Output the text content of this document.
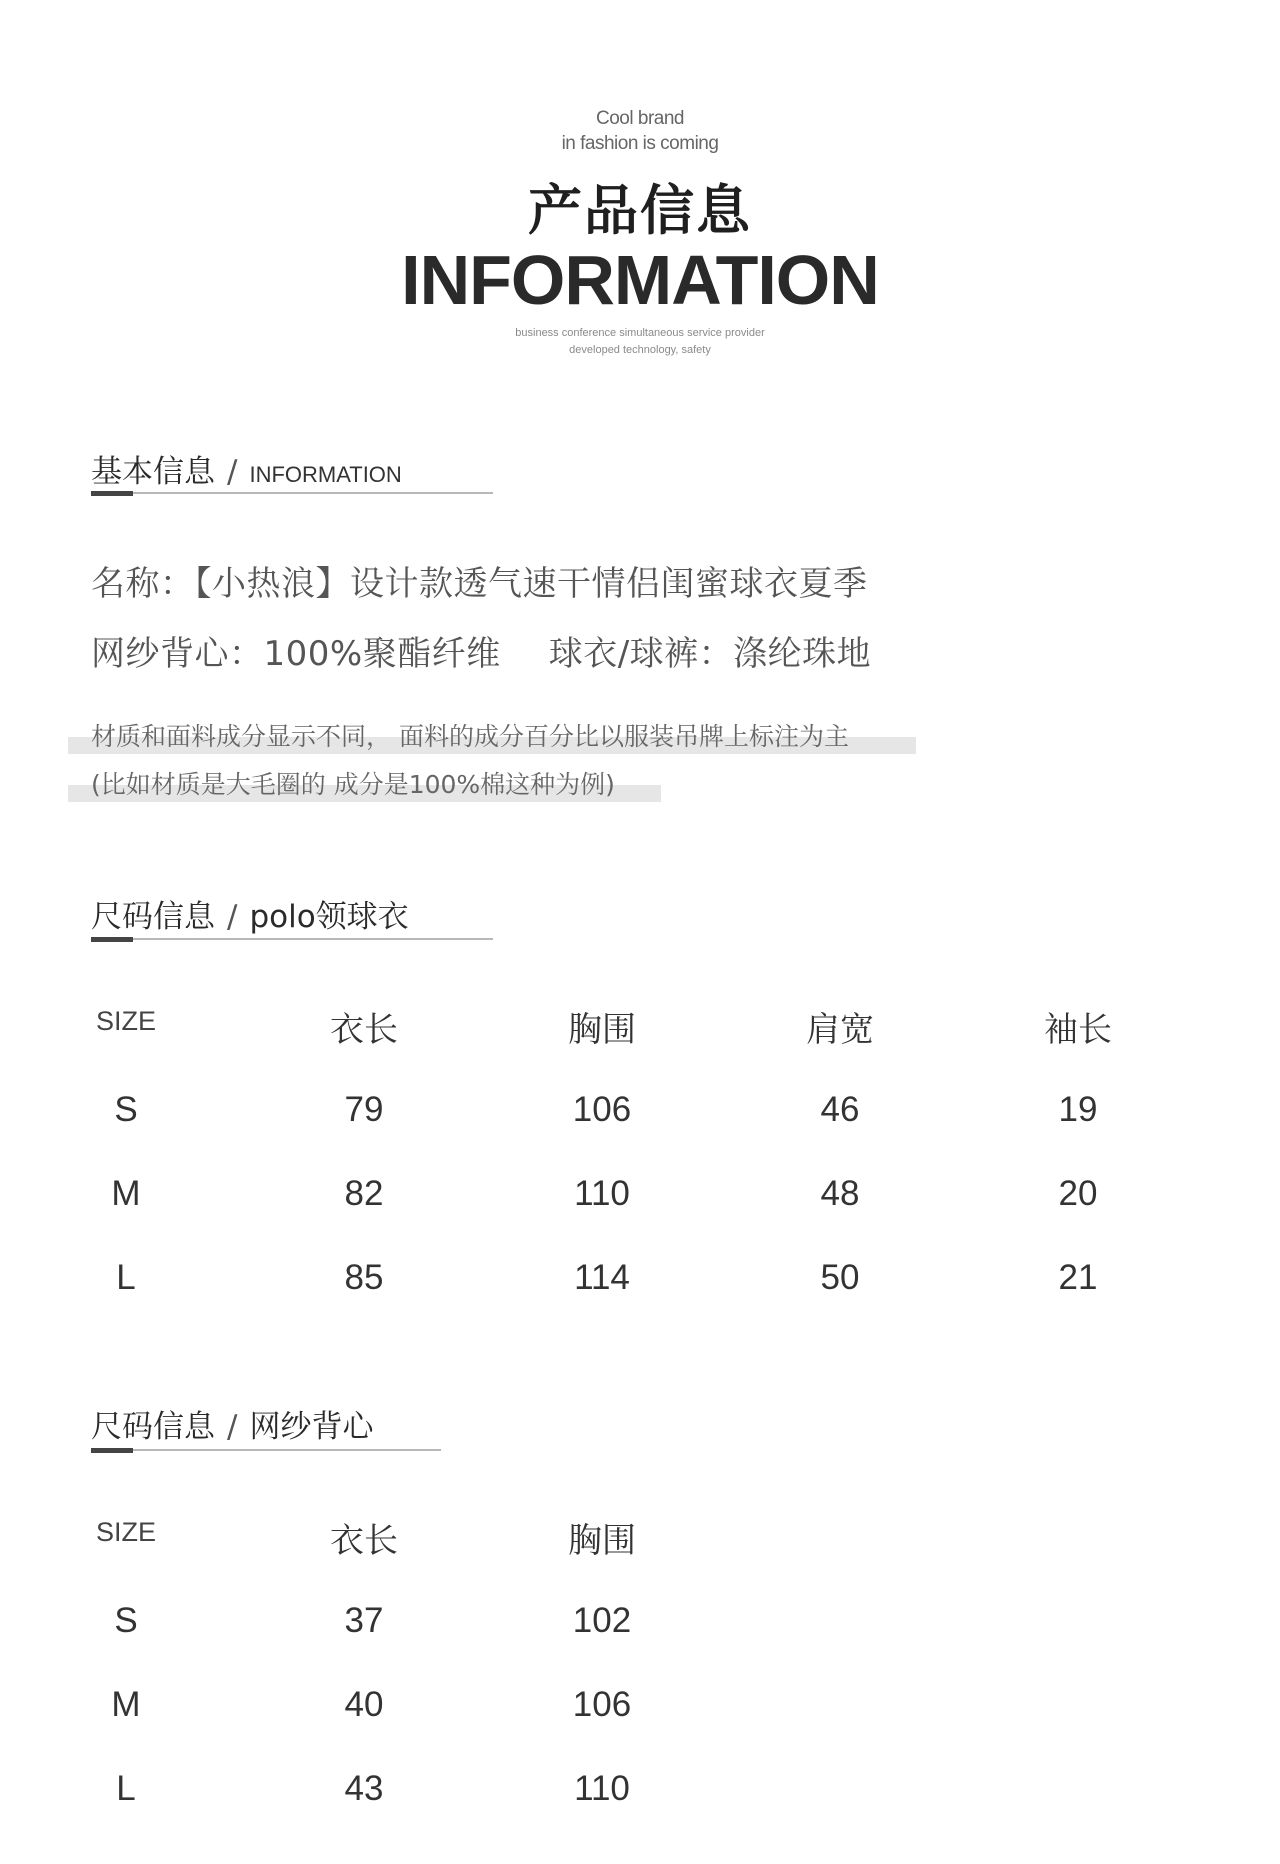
Cool brand
in fashion is coming
产品信息
INFORMATION
business conference simultaneous service provider
developed technology, safety
基本信息 / INFORMATION
名称：【小热浪】设计款透气速干情侣闺蜜球衣夏季
网纱背心：100%聚酯纤维 球衣/球裤：涤纶珠地
材质和面料成分显示不同， 面料的成分百分比以服装吊牌上标注为主
(比如材质是大毛圈的 成分是100%棉这种为例)
尺码信息 / polo领球衣
SIZE	衣长	胸围	肩宽	袖长
S	79	106	46	19
M	82	110	48	20
L	85	114	50	21
尺码信息 / 网纱背心
SIZE	衣长	胸围
S	37	102
M	40	106
L	43	110
